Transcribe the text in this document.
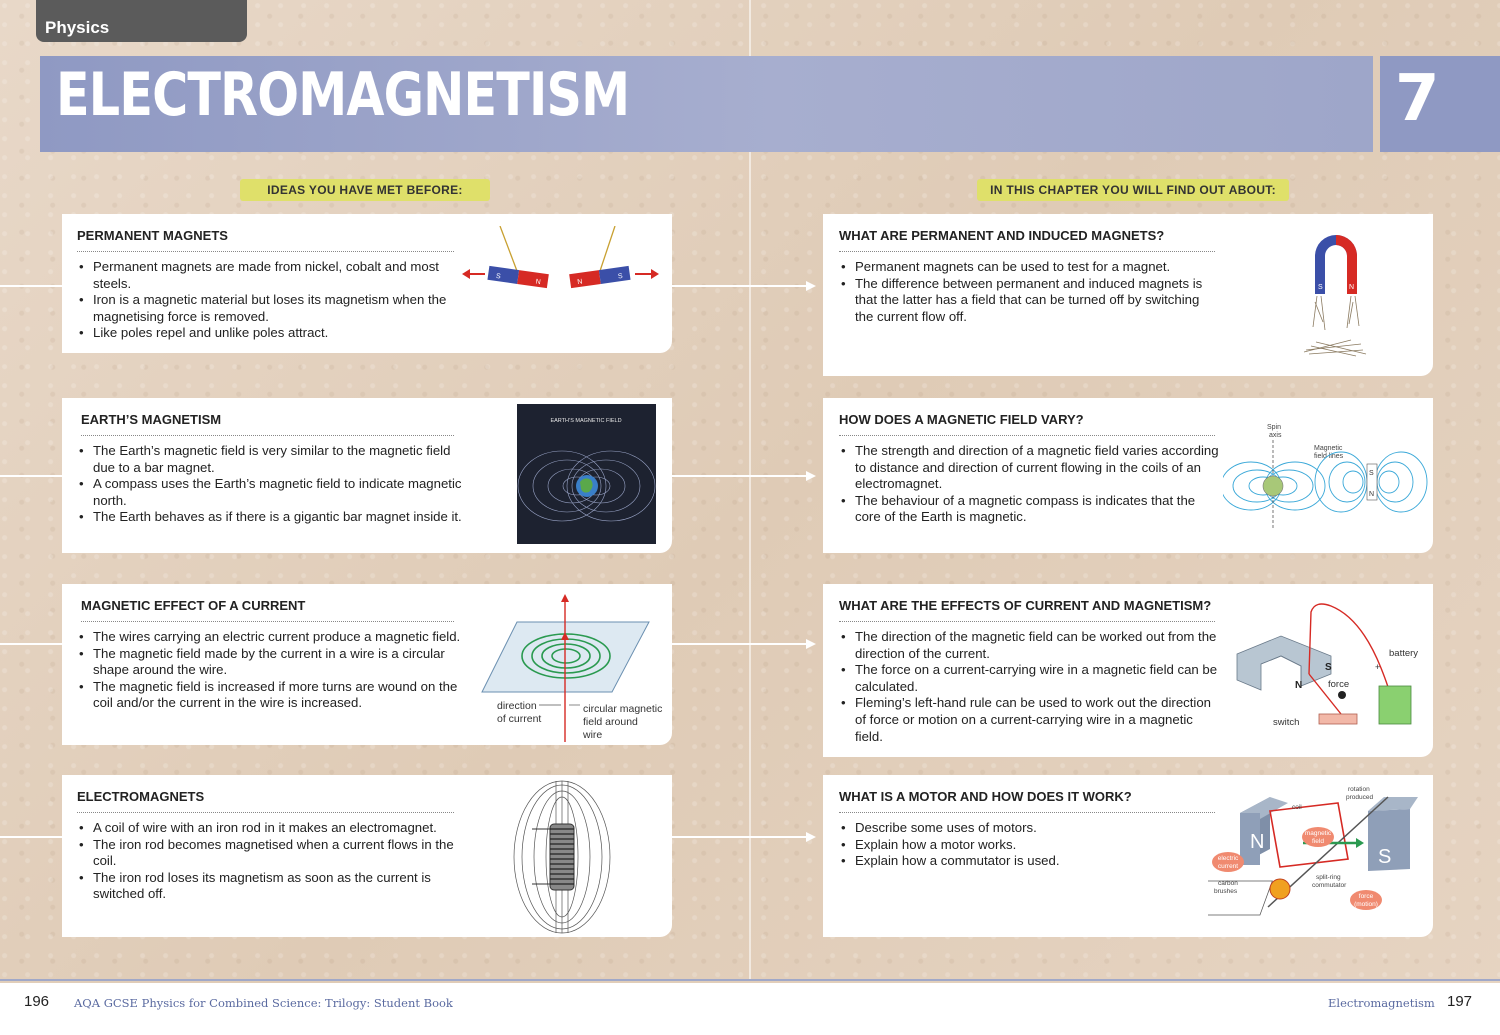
Physics
ELECTROMAGNETISM	7
IDEAS YOU HAVE MET BEFORE:	IN THIS CHAPTER YOU WILL FIND OUT ABOUT:
PERMANENT MAGNETS
• Permanent magnets are made from nickel, cobalt and most steels.
• Iron is a magnetic material but loses its magnetism when the magnetising force is removed.
• Like poles repel and unlike poles attract.
S
N	N
S
EARTH’S MAGNETISM
• The Earth’s magnetic field is very similar to the magnetic field due to a bar magnet.
• A compass uses the Earth’s magnetic field to indicate magnetic north.
• The Earth behaves as if there is a gigantic bar magnet inside it.
EARTH’S MAGNETIC FIELD
MAGNETIC EFFECT OF A CURRENT
• The wires carrying an electric current produce a magnetic field.
• The magnetic field made by the current in a wire is a circular shape around the wire.
• The magnetic field is increased if more turns are wound on the coil and/or the current in the wire is increased.	direction
of current
circular magnetic
field around
wire
ELECTROMAGNETS
• A coil of wire with an iron rod in it makes an electromagnet.
• The iron rod becomes magnetised when a current flows in the coil.
• The iron rod loses its magnetism as soon as the current is switched off.
WHAT ARE PERMANENT AND INDUCED MAGNETS?
• Permanent magnets can be used to test for a magnet.
• The difference between permanent and induced magnets is that the latter has a field that can be turned off by switching the current flow off.
S	N
HOW DOES A MAGNETIC FIELD VARY?
• The strength and direction of a magnetic field varies according to distance and direction of current flowing in the coils of an electromagnet.
• The behaviour of a magnetic compass is indicates that the core of the Earth is magnetic.
Spin
axis
Magnetic
field lines
S
N
WHAT ARE THE EFFECTS OF CURRENT AND MAGNETISM?
• The direction of the magnetic field can be worked out from the direction of the current.
• The force on a current-carrying wire in a magnetic field can be calculated.
• Fleming’s left-hand rule can be used to work out the direction of force or motion on a current-carrying wire in a magnetic field.
S
N
+
battery
force
switch
WHAT IS A MOTOR AND HOW DOES IT WORK?
• Describe some uses of motors.
• Explain how a motor works.
• Explain how a commutator is used.
N
S
magnetic
field
electric
current
force
(motion)
rotation
produced
coil
split-ring
commutator
carbon
brushes
196 AQA GCSE Physics for Combined Science: Trilogy: Student Book	Electromagnetism 197
